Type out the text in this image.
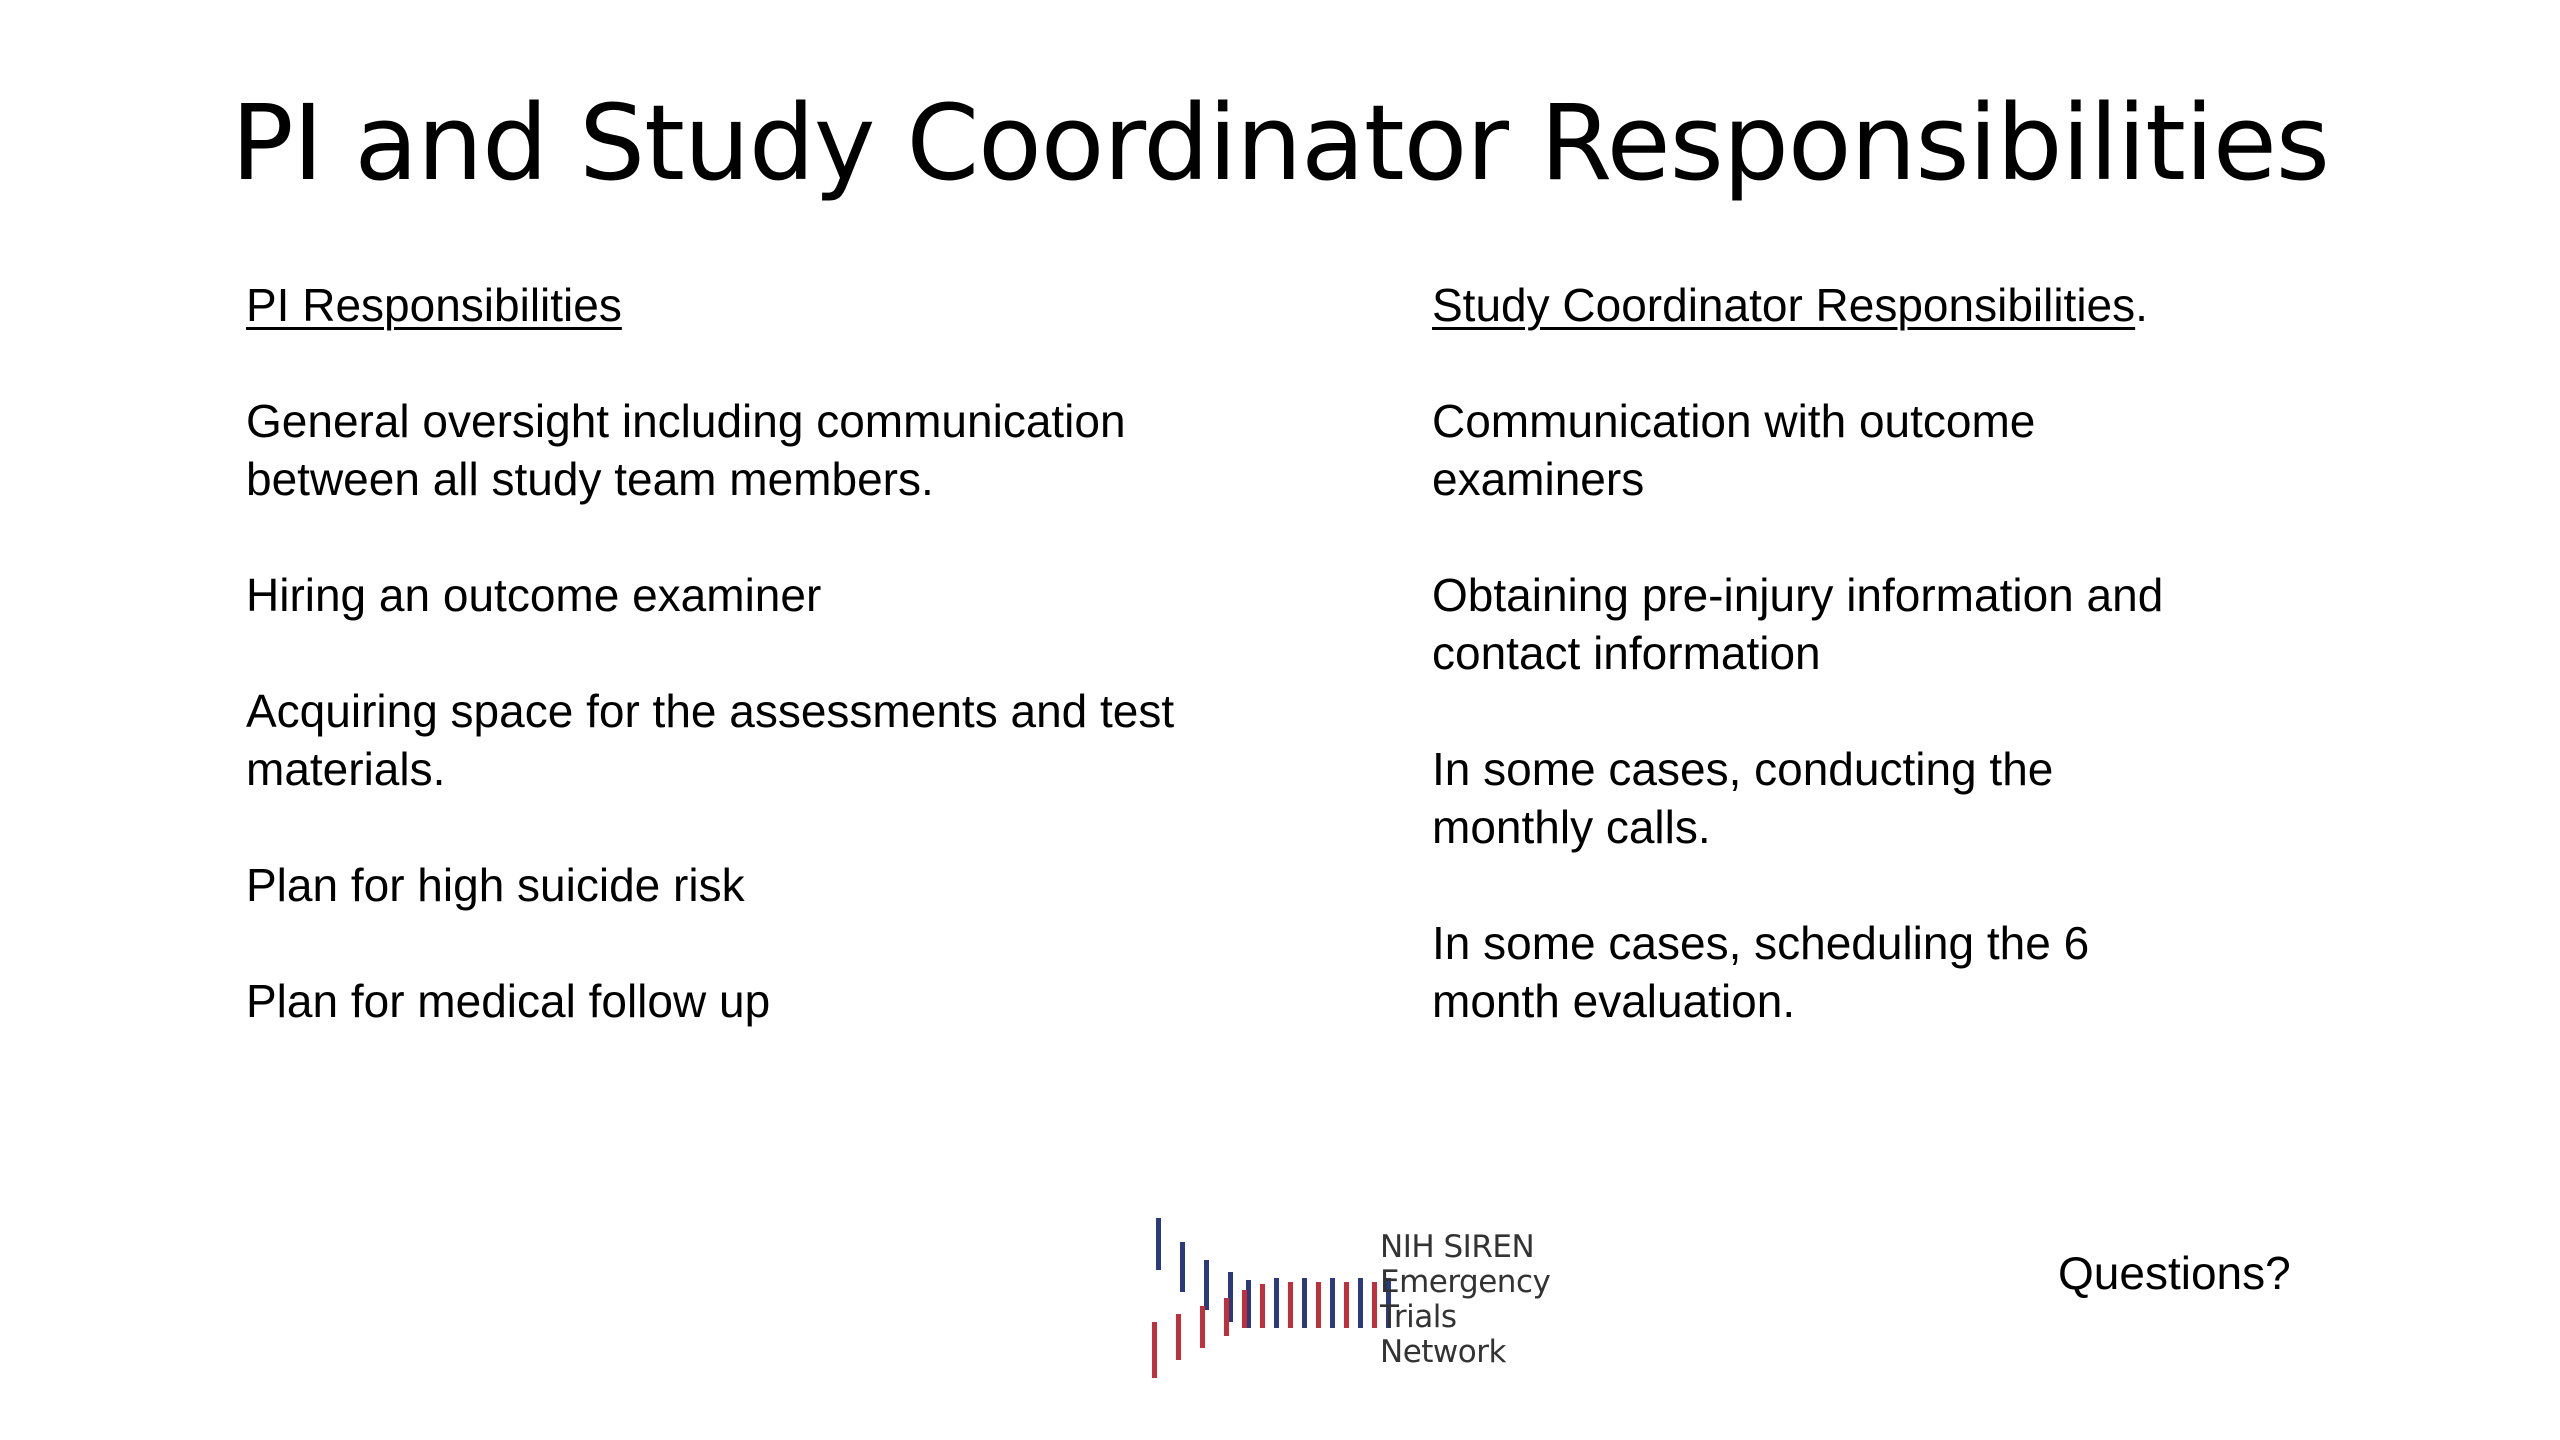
PI and Study Coordinator Responsibilities
PI Responsibilities
General oversight including communication between all study team members.
Hiring an outcome examiner
Acquiring space for the assessments and test materials.
Plan for high suicide risk
Plan for medical follow up
Study Coordinator Responsibilities.
Communication with outcome examiners
Obtaining pre-injury information and contact information
In some cases, conducting the monthly calls.
In some cases, scheduling the 6 month evaluation.
NIH SIREN
Emergency
Trials
Network
Questions?
